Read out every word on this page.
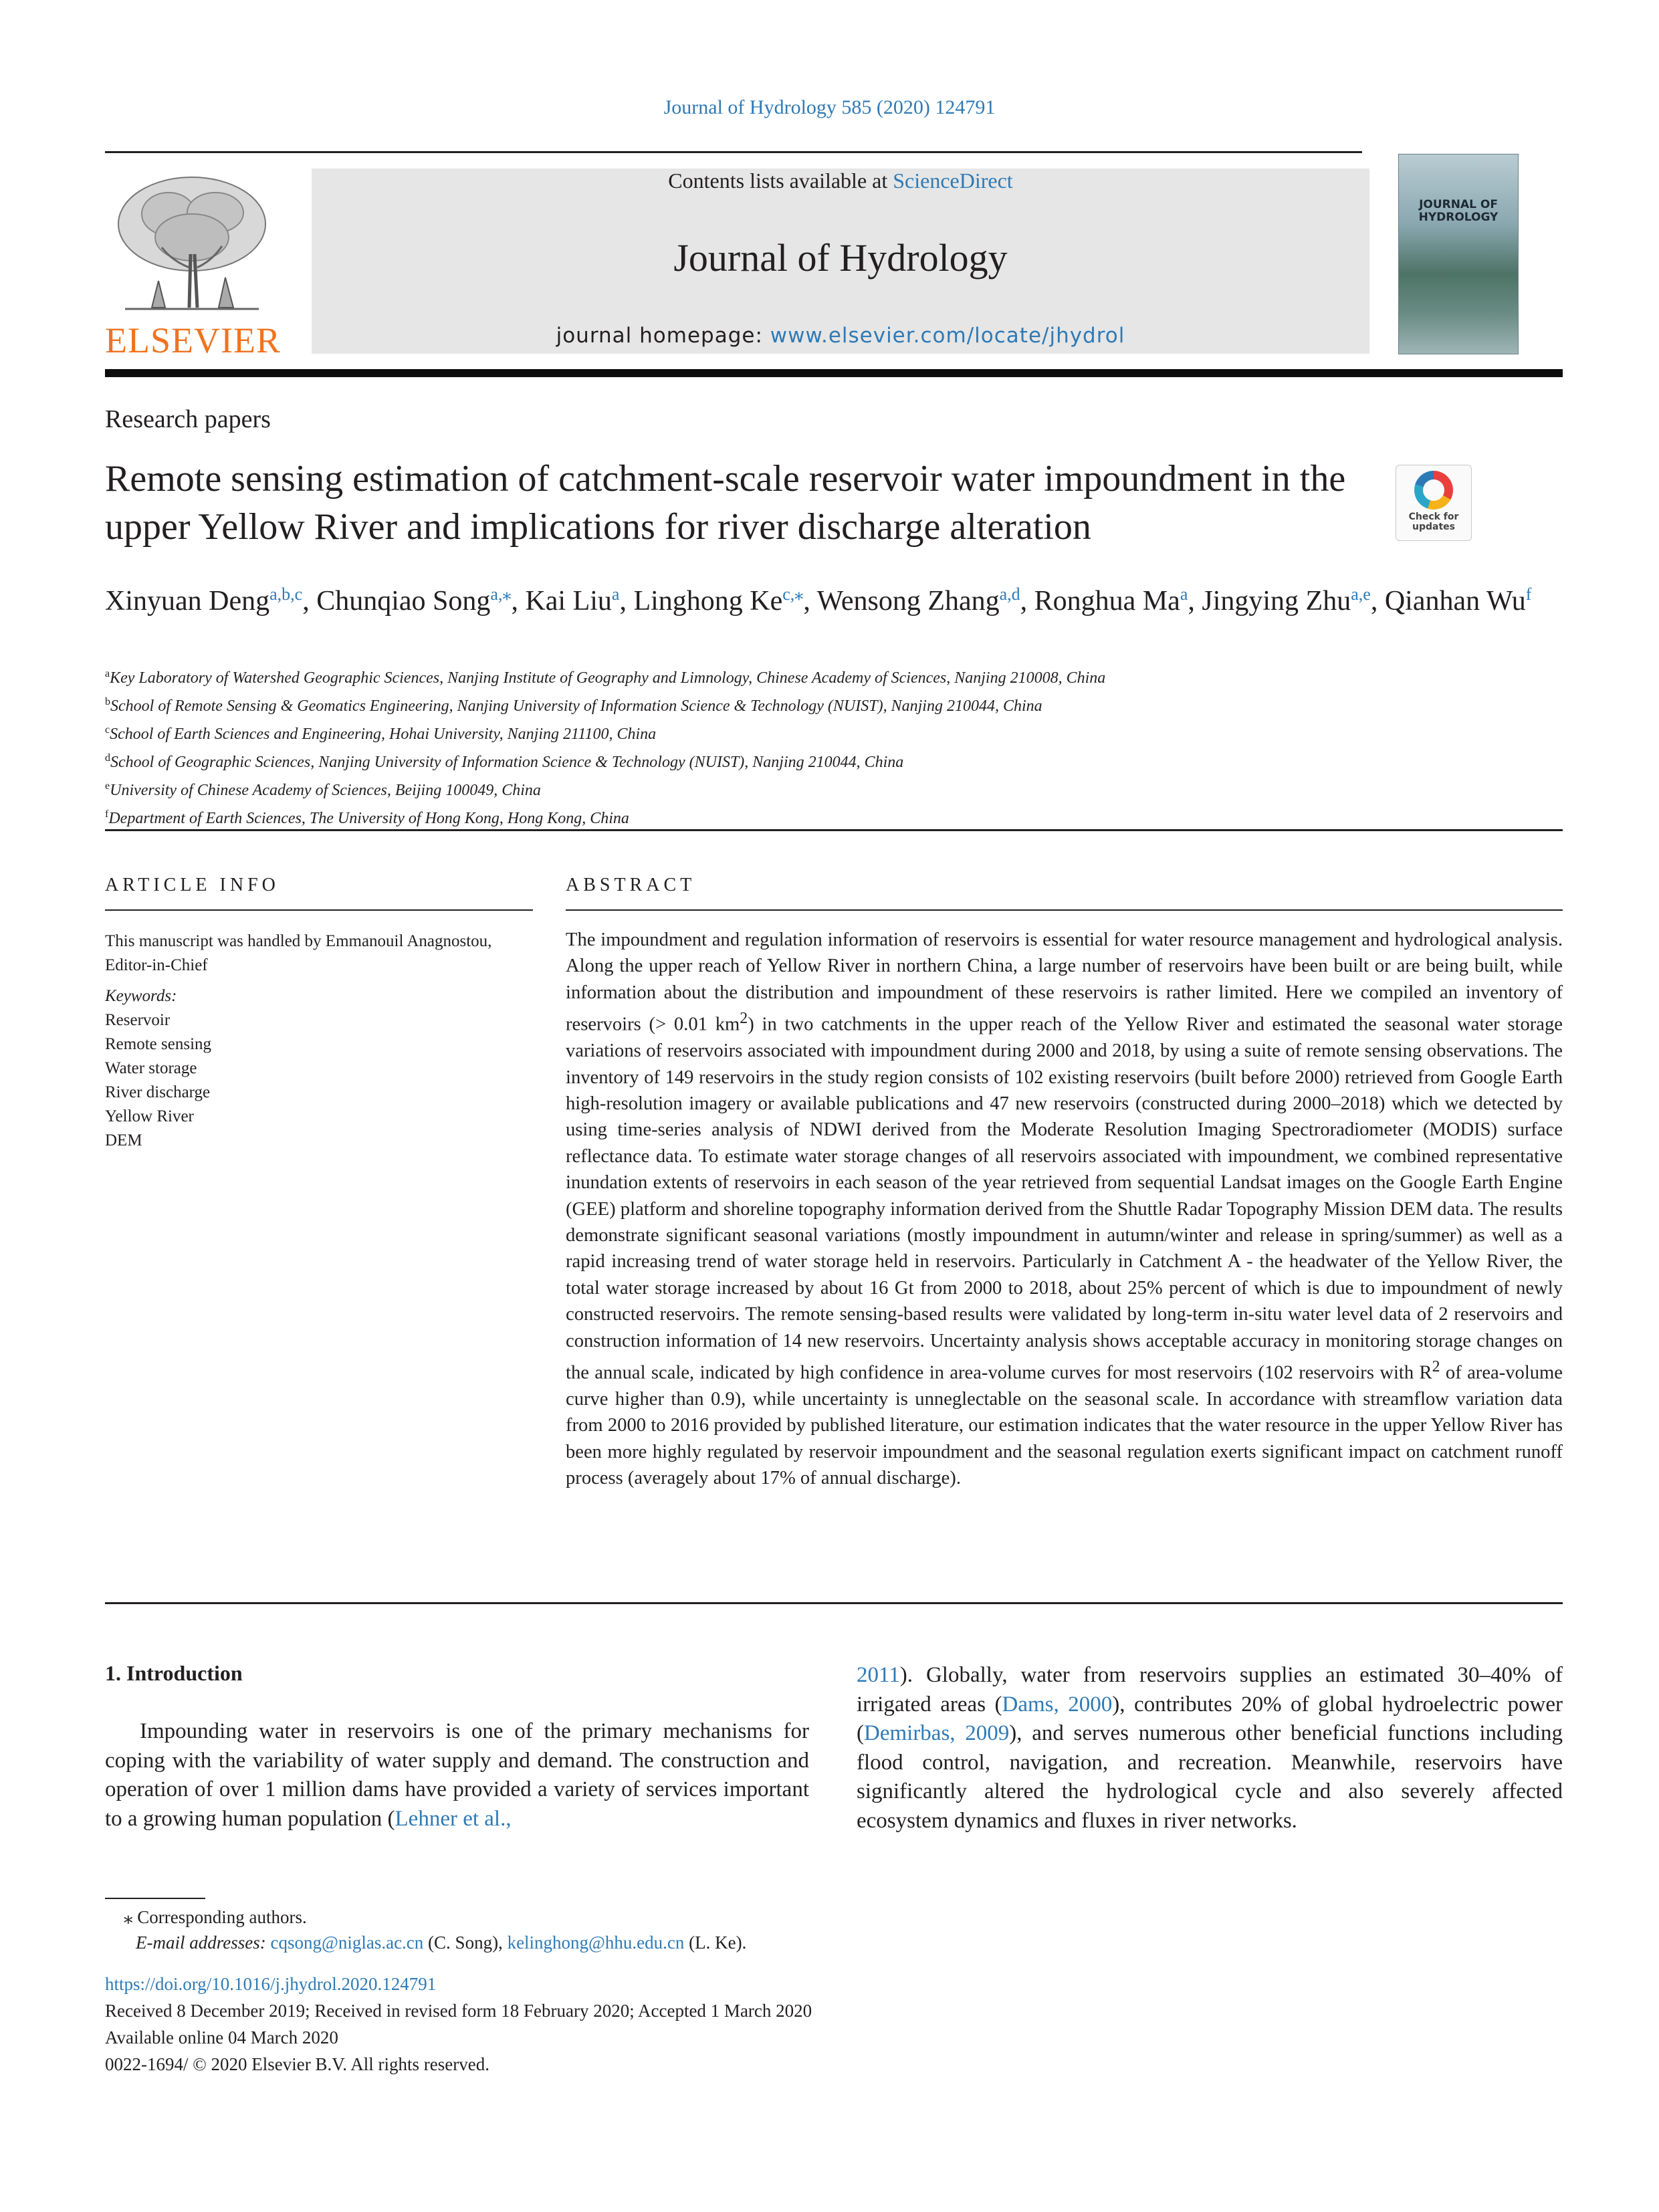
Journal of Hydrology 585 (2020) 124791
ELSEVIER
Contents lists available at ScienceDirect
Journal of Hydrology
journal homepage: www.elsevier.com/locate/jhydrol
JOURNAL OF HYDROLOGY
Research papers
Remote sensing estimation of catchment-scale reservoir water impoundment in the upper Yellow River and implications for river discharge alteration	Check for updates
Xinyuan Deng$^{a,b,c}$, Chunqiao Song$^{a,⁎}$, Kai Liu$^a$, Linghong $Ke^{c,⁎}$, Wensong Zhang$^{a,d}$, Ronghua Ma$^a$, Jingying Zhu$^{a,e}$, Qianhan Wu$^f$
$^a$Key Laboratory of Watershed Geographic Sciences, Nanjing Institute of Geography and Limnology, Chinese Academy of Sciences, Nanjing 210008, China
$^b$School of Remote Sensing & Geomatics Engineering, Nanjing University of Information Science & Technology (NUIST), Nanjing 210044, China
$^c$School of Earth Sciences and Engineering, Hohai University, Nanjing 211100, China
$^d$School of Geographic Sciences, Nanjing University of Information Science & Technology (NUIST), Nanjing 210044, China
$^e$University of Chinese Academy of Sciences, Beijing 100049, China
$^f$Department of Earth Sciences, The University of Hong Kong, Hong Kong, China
ARTICLE INFO
This manuscript was handled by Emmanouil Anagnostou, Editor-in-Chief
Keywords:
Reservoir
Remote sensing
Water storage
River discharge
Yellow River
DEM
ABSTRACT
The impoundment and regulation information of reservoirs is essential for water resource management and hydrological analysis. Along the upper reach of Yellow River in northern China, a large number of reservoirs have been built or are being built, while information about the distribution and impoundment of these reservoirs is rather limited. Here we compiled an inventory of reservoirs (> 0.01 $km^2$) in two catchments in the upper reach of the Yellow River and estimated the seasonal water storage variations of reservoirs associated with impoundment during 2000 and 2018, by using a suite of remote sensing observations. The inventory of 149 reservoirs in the study region consists of 102 existing reservoirs (built before 2000) retrieved from Google Earth high-resolution imagery or available publications and 47 new reservoirs (constructed during 2000–2018) which we detected by using time-series analysis of NDWI derived from the Moderate Resolution Imaging Spectroradiometer (MODIS) surface reflectance data. To estimate water storage changes of all reservoirs associated with impoundment, we combined representative inundation extents of reservoirs in each season of the year retrieved from sequential Landsat images on the Google Earth Engine (GEE) platform and shoreline topography information derived from the Shuttle Radar Topography Mission DEM data. The results demonstrate significant seasonal variations (mostly impoundment in autumn/winter and release in spring/summer) as well as a rapid increasing trend of water storage held in reservoirs. Particularly in Catchment A - the headwater of the Yellow River, the total water storage increased by about 16 Gt from 2000 to 2018, about 25% percent of which is due to impoundment of newly constructed reservoirs. The remote sensing-based results were validated by long-term in-situ water level data of 2 reservoirs and construction information of 14 new reservoirs. Uncertainty analysis shows acceptable accuracy in monitoring storage changes on the annual scale, indicated by high confidence in area-volume curves for most reservoirs (102 reservoirs with $R^2$ of area-volume curve higher than 0.9), while uncertainty is unneglectable on the seasonal scale. In accordance with streamflow variation data from 2000 to 2016 provided by published literature, our estimation indicates that the water resource in the upper Yellow River has been more highly regulated by reservoir impoundment and the seasonal regulation exerts significant impact on catchment runoff process (averagely about 17% of annual discharge).
1. Introduction
Impounding water in reservoirs is one of the primary mechanisms for coping with the variability of water supply and demand. The construction and operation of over 1 million dams have provided a variety of services important to a growing human population (Lehner et al.,
2011). Globally, water from reservoirs supplies an estimated 30–40% of irrigated areas (Dams, 2000), contributes 20% of global hydroelectric power (Demirbas, 2009), and serves numerous other beneficial functions including flood control, navigation, and recreation. Meanwhile, reservoirs have significantly altered the hydrological cycle and also severely affected ecosystem dynamics and fluxes in river networks.
⁎ Corresponding authors.
E-mail addresses: cqsong@niglas.ac.cn (C. Song), kelinghong@hhu.edu.cn (L. Ke).
https://doi.org/10.1016/j.jhydrol.2020.124791
Received 8 December 2019; Received in revised form 18 February 2020; Accepted 1 March 2020
Available online 04 March 2020
0022-1694/ © 2020 Elsevier B.V. All rights reserved.
